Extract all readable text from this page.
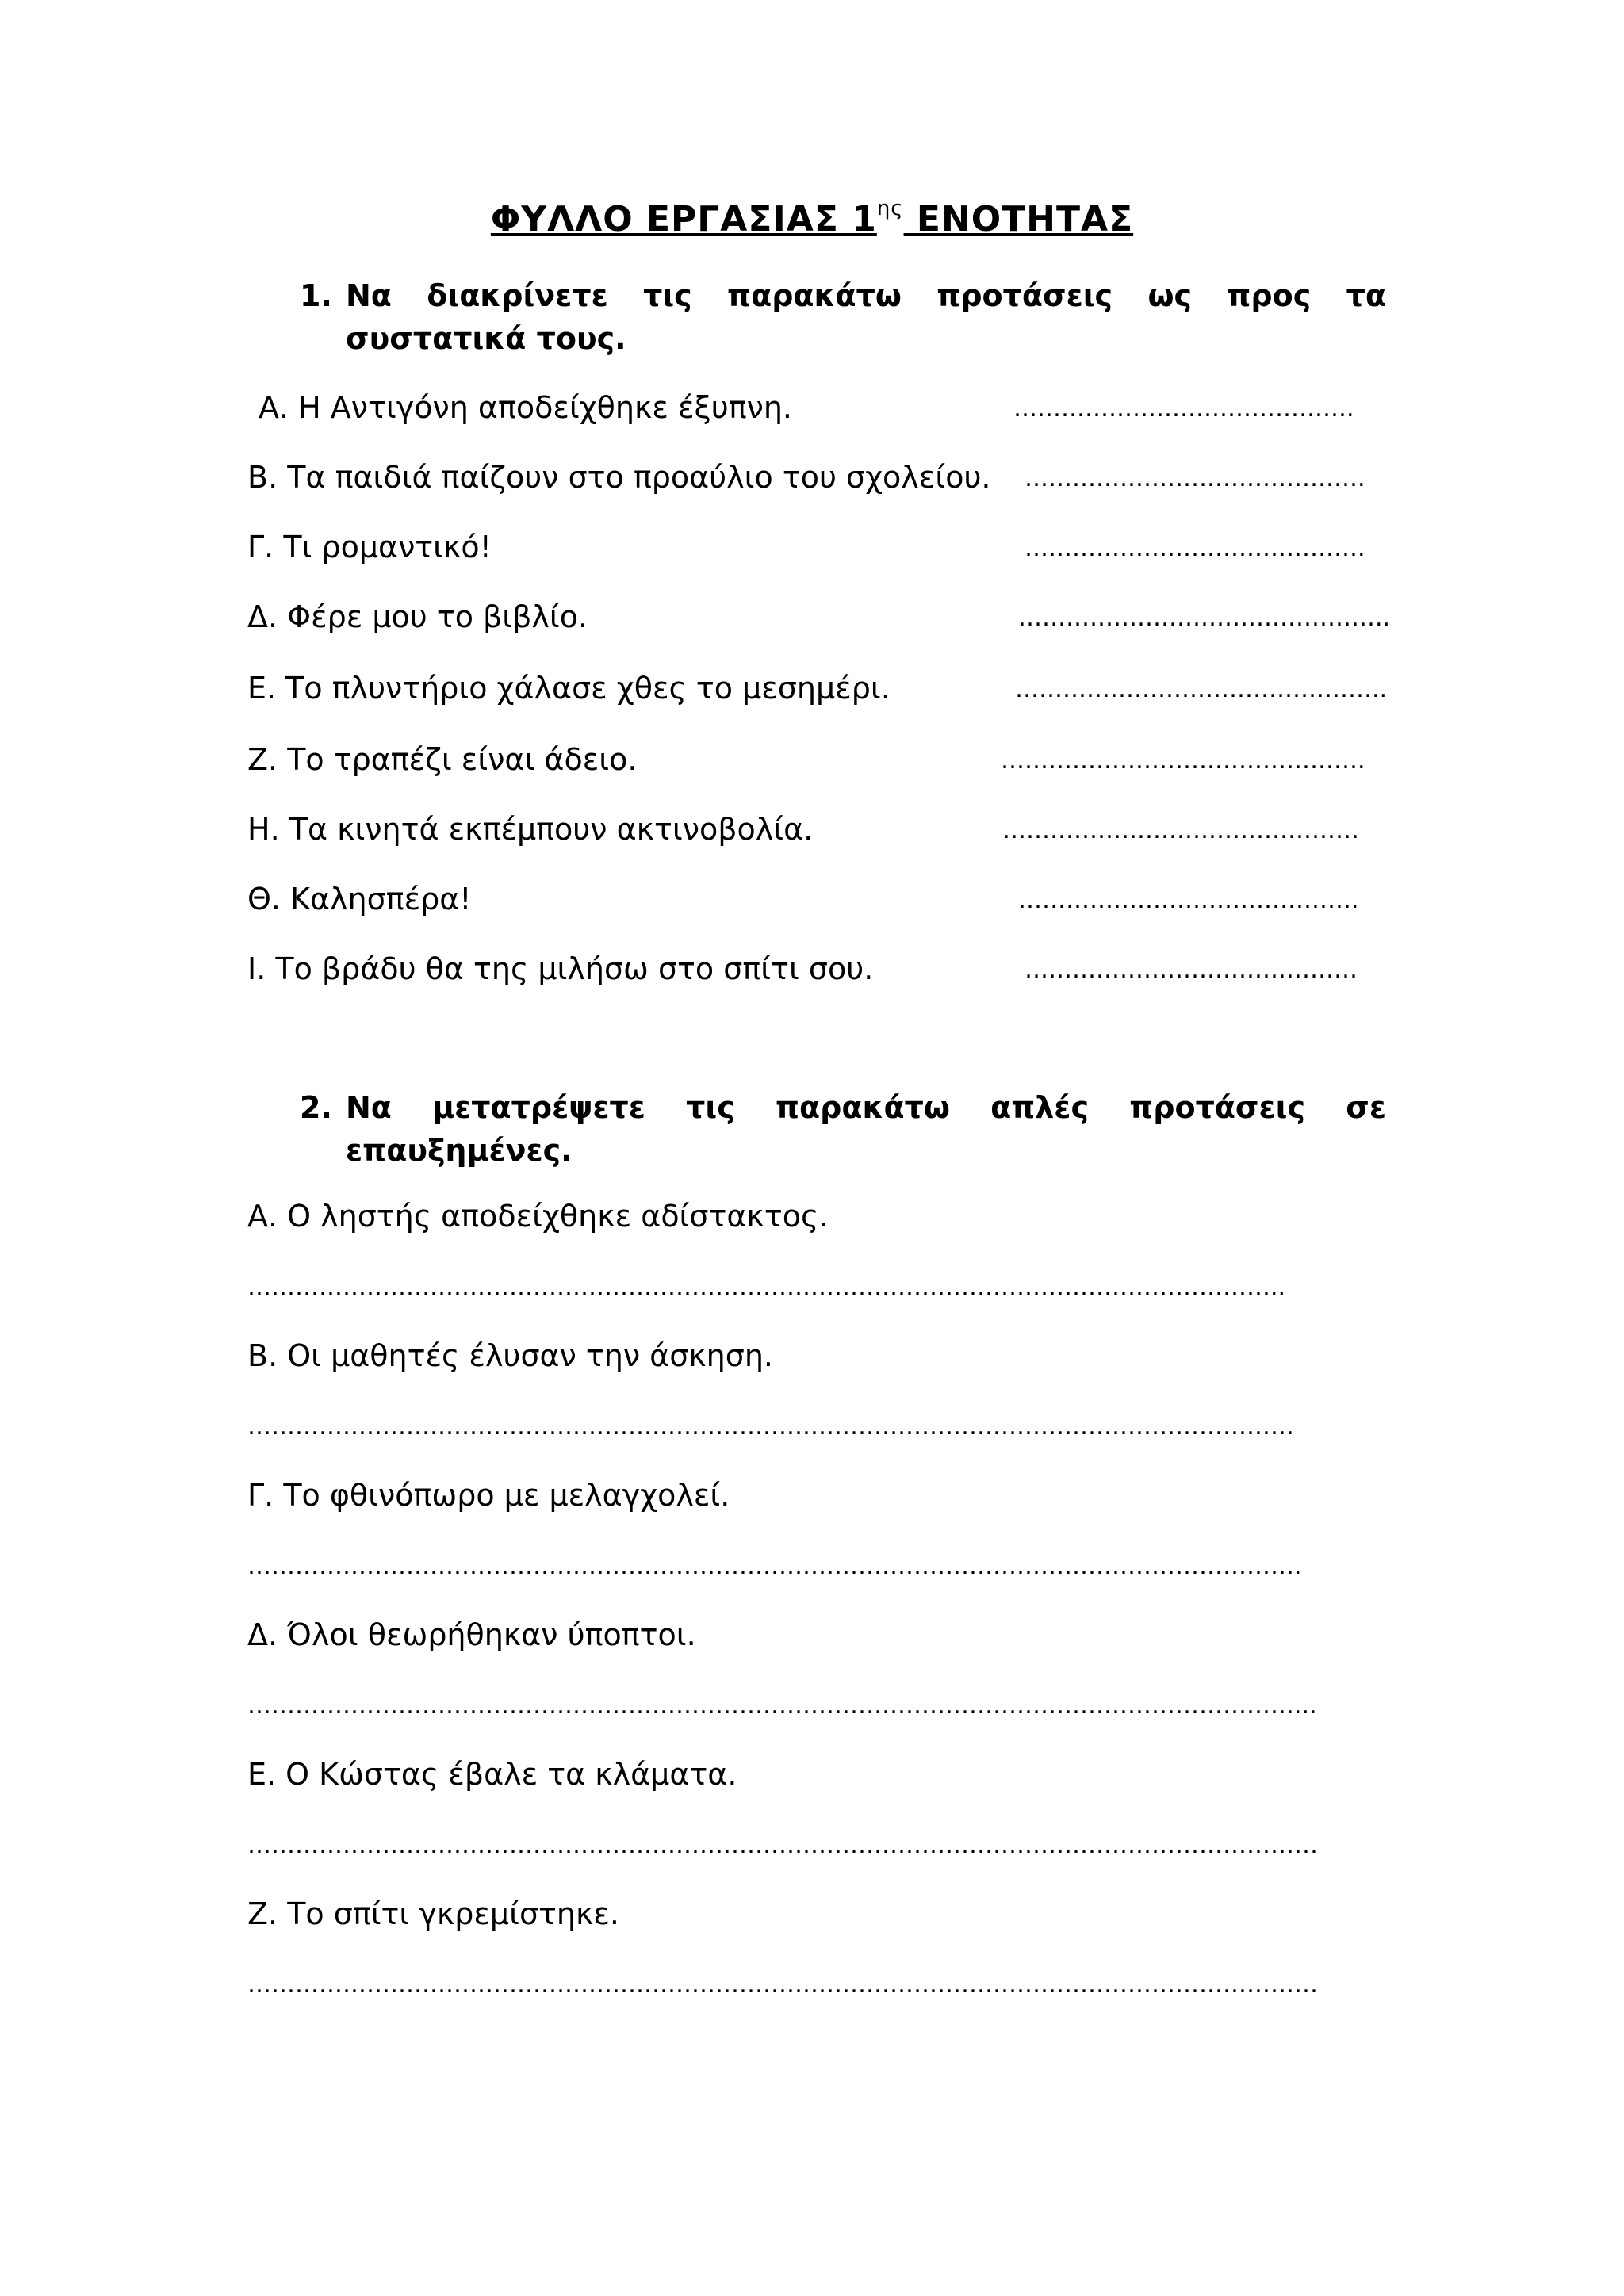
ΦΥΛΛΟ ΕΡΓΑΣΙΑΣ $1^{\eta\varsigma}$ ΕΝΟΤΗΤΑΣ
1. Να διακρίνετε τις παρακάτω προτάσεις ως προς τα συστατικά τους.
Α. Η Αντιγόνη αποδείχθηκε έξυπνη.	…………………………………….
Β. Τα παιδιά παίζουν στο προαύλιο του σχολείου. …………………………………….
Γ. Τι ρομαντικό!	…………………………………….
Δ. Φέρε μου το βιβλίο.	………………………………………..
Ε. Το πλυντήριο χάλασε χθες το μεσημέρι.	………………………………………..
Ζ. Το τραπέζι είναι άδειο.	……………………………………….
Η. Τα κινητά εκπέμπουν ακτινοβολία.	………………………………………
Θ. Καλησπέρα!	…………………………………….
Ι. Το βράδυ θα της μιλήσω στο σπίτι σου.	……………………………………
2. Να μετατρέψετε τις παρακάτω απλές προτάσεις σε επαυξημένες.
Α. Ο ληστής αποδείχθηκε αδίστακτος.
…………………………………………………………………………………………………………………..
Β. Οι μαθητές έλυσαν την άσκηση.
……………………………………………………………………………………………………………………
Γ. Το φθινόπωρο με μελαγχολεί.
…………………………………………………………………………………………………………………….
Δ. Όλοι θεωρήθηκαν ύποπτοι.
……………………………………………………………………………………………………………………...
Ε. Ο Κώστας έβαλε τα κλάματα.
………………………………………………………………………………………………………………………
Ζ. Το σπίτι γκρεμίστηκε.
………………………………………………………………………………………………………………………
